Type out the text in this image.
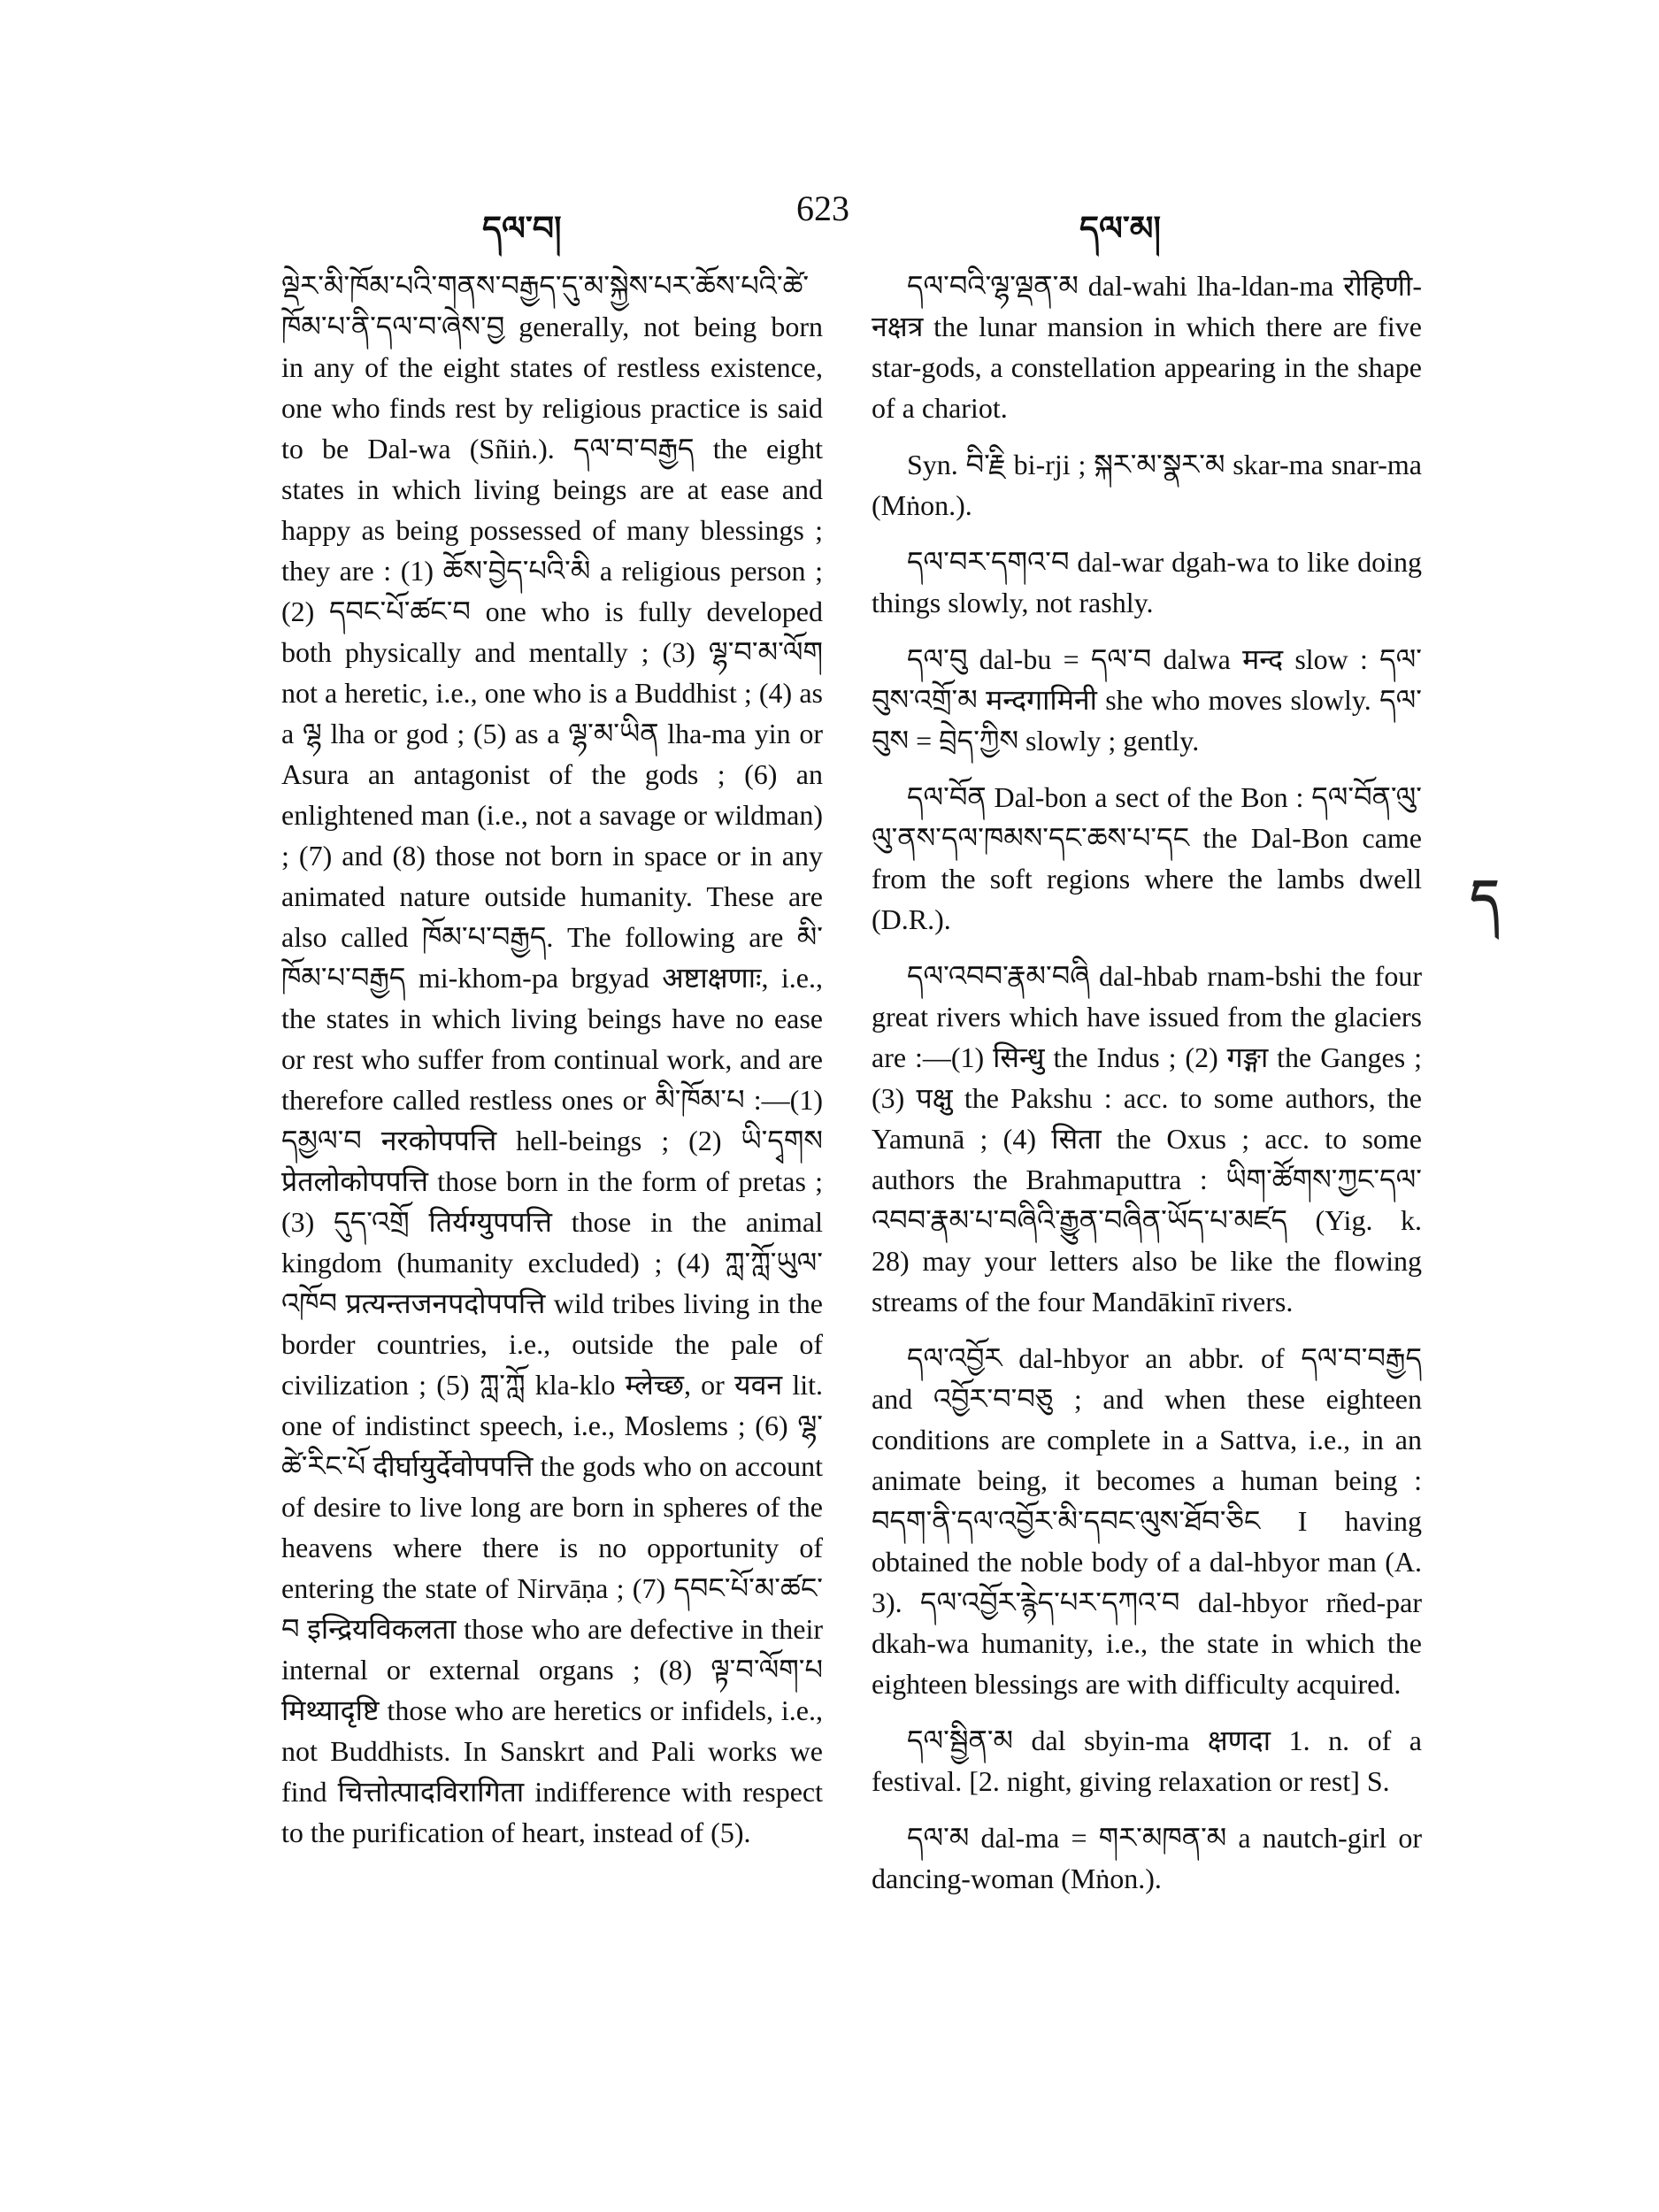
དལ་བ།	623	དལ་མ།

ལྡེར་མི་ཁོམ་པའི་གནས་བརྒྱད་དུ་མ་སྐྱེས་པར་ཆོས་པའི་ཚེ་ཁོམ་པ་ནི་དལ་བ་ཞེས་བྱ generally, not being born in any of the eight states of restless existence, one who finds rest by religious practice is said to be Dal-wa (Sñiṅ.). དལ་བ་བརྒྱད the eight states in which living beings are at ease and happy as being possessed of many blessings ; they are : (1) ཆོས་བྱེད་པའི་མི a religious person ; (2) དབང་པོ་ཚང་བ one who is fully developed both physically and mentally ; (3) ལྷ་བ་མ་ལོག not a heretic, i.e., one who is a Buddhist ; (4) as a ལྷ lha or god ; (5) as a ལྷ་མ་ཡིན lha-ma yin or Asura an antagonist of the gods ; (6) an enlightened man (i.e., not a savage or wildman) ; (7) and (8) those not born in space or in any animated nature outside humanity. These are also called ཁོམ་པ་བརྒྱད. The following are མི་ཁོམ་པ་བརྒྱད mi-khom-pa brgyad अष्टाक्षणाः, i.e., the states in which living beings have no ease or rest who suffer from continual work, and are therefore called restless ones or མི་ཁོམ་པ :—(1) དམྱལ་བ नरकोपपत्ति hell-beings ; (2) ཡི་དྭགས प्रेतलोकोपपत्ति those born in the form of pretas ; (3) དུད་འགྲོ तिर्यग्युपपत्ति those in the animal kingdom (humanity excluded) ; (4) ཀླ་ཀློ་ཡུལ་འཁོབ प्रत्यन्तजनपदोपपत्ति wild tribes living in the border countries, i.e., outside the pale of civilization ; (5) ཀླ་ཀློ kla-klo म्लेच्छ, or यवन lit. one of indistinct speech, i.e., Moslems ; (6) ལྷ་ཚེ་རིང་པོ दीर्घायुर्देवोपपत्ति the gods who on account of desire to live long are born in spheres of the heavens where there is no opportunity of entering the state of Nirvāṇa ; (7) དབང་པོ་མ་ཚང་བ इन्द्रियविकलता those who are defective in their internal or external organs ; (8) ལྟ་བ་ལོག་པ मिथ्यादृष्टि those who are heretics or infidels, i.e., not Buddhists. In Sanskrt and Pali works we find चित्तोत्पादविरागिता indifference with respect to the purification of heart, instead of (5).

དལ་བའི་ལྷ་ལྡན་མ dal-wahi lha-ldan-ma रोहिणी-नक्षत्र the lunar mansion in which there are five star-gods, a constellation appearing in the shape of a chariot.

Syn. བི་རྗི bi-rji ; སྐར་མ་སྣར་མ skar-ma snar-ma (Mṅon.).

དལ་བར་དགའ་བ dal-war dgah-wa to like doing things slowly, not rashly.

དལ་བུ dal-bu = དལ་བ dalwa मन्द slow : དལ་བུས་འགྲོ་མ मन्दगामिनी she who moves slowly. དལ་བུས = བྲེད་ཀྱིས slowly ; gently.

དལ་བོན Dal-bon a sect of the Bon : དལ་བོན་ལུ་ལུ་ནས་དལ་ཁམས་དང་ཆས་པ་དང the Dal-Bon came from the soft regions where the lambs dwell (D.R.).

དལ་འབབ་རྣམ་བཞི dal-hbab rnam-bshi the four great rivers which have issued from the glaciers are :—(1) सिन्धु the Indus ; (2) गङ्गा the Ganges ; (3) पक्षु the Pakshu : acc. to some authors, the Yamunā ; (4) सिता the Oxus ; acc. to some authors the Brahmaputtra : ཡིག་ཚོགས་ཀྱང་དལ་འབབ་རྣམ་པ་བཞིའི་རྒྱུན་བཞིན་ཡོད་པ་མཛད (Yig. k. 28) may your letters also be like the flowing streams of the four Mandākinī rivers.

དལ་འབྱོར dal-hbyor an abbr. of དལ་བ་བརྒྱད and འབྱོར་བ་བཅུ ; and when these eighteen conditions are complete in a Sattva, i.e., in an animate being, it becomes a human being : བདག་ནི་དལ་འབྱོར་མི་དབང་ལུས་ཐོབ་ཅིང I having obtained the noble body of a dal-hbyor man (A. 3). དལ་འབྱོར་རྙེད་པར་དཀའ་བ dal-hbyor rñed-par dkah-wa humanity, i.e., the state in which the eighteen blessings are with difficulty acquired.

དལ་སྦྱིན་མ dal sbyin-ma क्षणदा 1. n. of a festival. [2. night, giving relaxation or rest] S.

དལ་མ dal-ma = གར་མཁན་མ a nautch-girl or dancing-woman (Mṅon.).

ད
